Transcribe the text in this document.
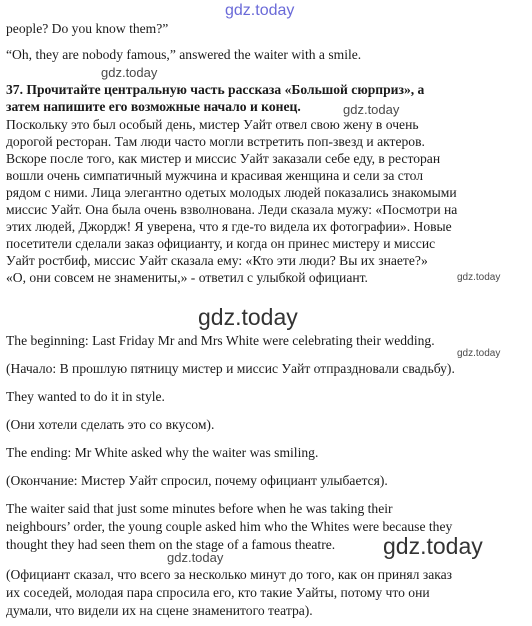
gdz.today
people? Do you know them?”
“Oh, they are nobody famous,” answered the waiter with a smile.
gdz.today
37. Прочитайте центральную часть рассказа «Большой сюрприз», а
затем напишите его возможные начало и конец.	gdz.today
Поскольку это был особый день, мистер Уайт отвел свою жену в очень
дорогой ресторан. Там люди часто могли встретить поп-звезд и актеров.
Вскоре после того, как мистер и миссис Уайт заказали себе еду, в ресторан
вошли очень симпатичный мужчина и красивая женщина и сели за стол
рядом с ними. Лица элегантно одетых молодых людей показались знакомыми
миссис Уайт. Она была очень взволнована. Леди сказала мужу: «Посмотри на
этих людей, Джордж! Я уверена, что я где-то видела их фотографии». Новые
посетители сделали заказ официанту, и когда он принес мистеру и миссис
Уайт ростбиф, миссис Уайт сказала ему: «Кто эти люди? Вы их знаете?»
«О, они совсем не знамениты,» - ответил с улыбкой официант.	gdz.today
gdz.today
The beginning: Last Friday Mr and Mrs White were celebrating their wedding.
gdz.today
(Начало: В прошлую пятницу мистер и миссис Уайт отпраздновали свадьбу).
They wanted to do it in style.
(Они хотели сделать это со вкусом).
The ending: Mr White asked why the waiter was smiling.
(Окончание: Мистер Уайт спросил, почему официант улыбается).
The waiter said that just some minutes before when he was taking their
neighbours’ order, the young couple asked him who the Whites were because they
thought they had seen them on the stage of a famous theatre. gdz.today
gdz.today
(Официант сказал, что всего за несколько минут до того, как он принял заказ
их соседей, молодая пара спросила его, кто такие Уайты, потому что они
думали, что видели их на сцене знаменитого театра).
